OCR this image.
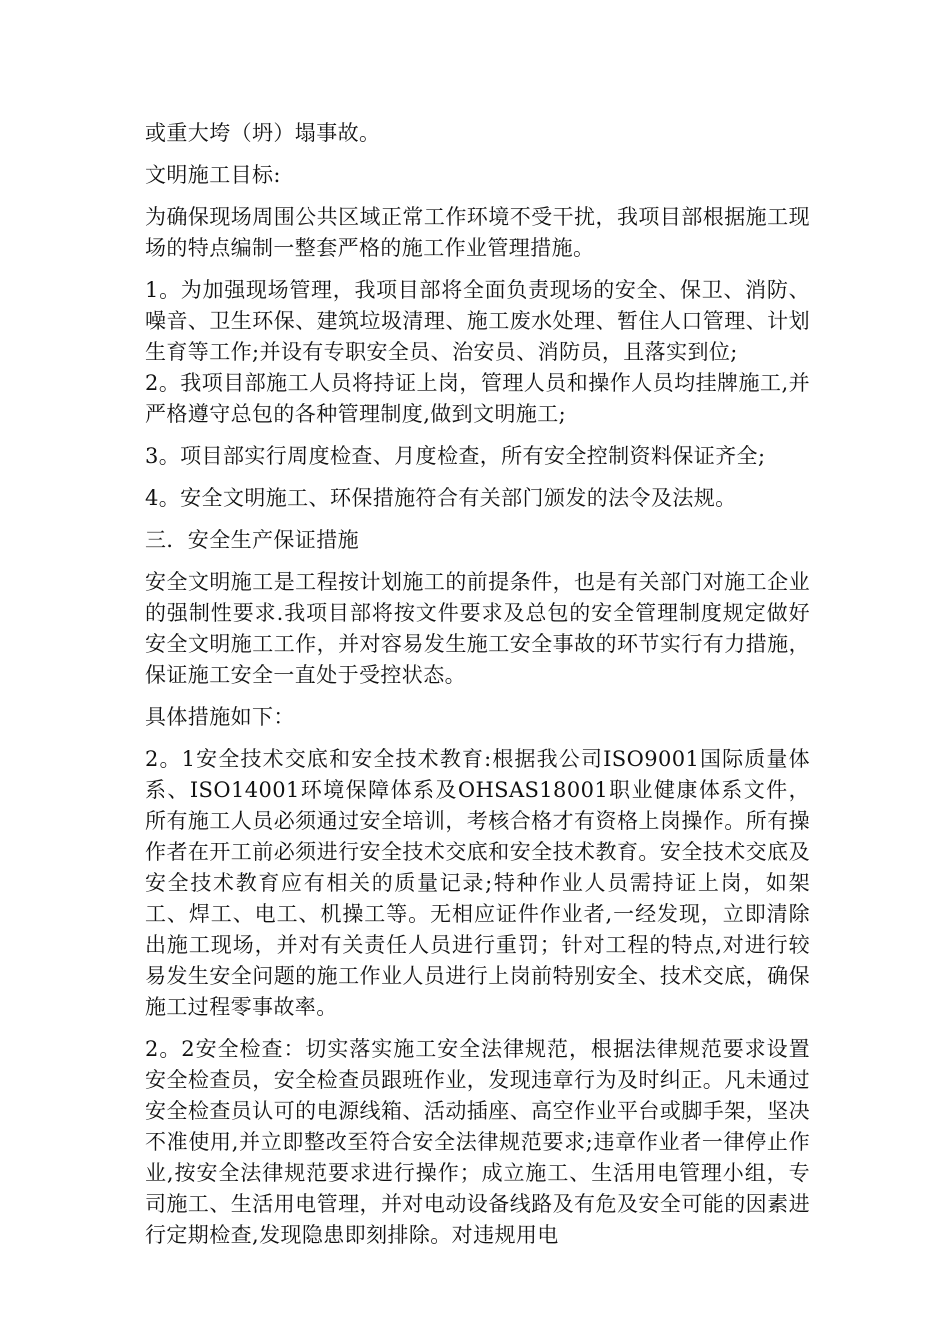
或重大垮（坍）塌事故。

文明施工目标:

为确保现场周围公共区域正常工作环境不受干扰，我项目部根据施工现场的特点编制一整套严格的施工作业管理措施。

1。为加强现场管理，我项目部将全面负责现场的安全、保卫、消防、噪音、卫生环保、建筑垃圾清理、施工废水处理、暂住人口管理、计划生育等工作;并设有专职安全员、治安员、消防员，且落实到位;

2。我项目部施工人员将持证上岗，管理人员和操作人员均挂牌施工,并严格遵守总包的各种管理制度,做到文明施工;

3。项目部实行周度检查、月度检查，所有安全控制资料保证齐全;

4。安全文明施工、环保措施符合有关部门颁发的法令及法规。

三．安全生产保证措施

安全文明施工是工程按计划施工的前提条件，也是有关部门对施工企业的强制性要求.我项目部将按文件要求及总包的安全管理制度规定做好安全文明施工工作，并对容易发生施工安全事故的环节实行有力措施，保证施工安全一直处于受控状态。

具体措施如下：

2。1安全技术交底和安全技术教育:根据我公司ISO9001国际质量体系、ISO14001环境保障体系及OHSAS18001职业健康体系文件，所有施工人员必须通过安全培训，考核合格才有资格上岗操作。所有操作者在开工前必须进行安全技术交底和安全技术教育。安全技术交底及安全技术教育应有相关的质量记录;特种作业人员需持证上岗，如架工、焊工、电工、机操工等。无相应证件作业者,一经发现，立即清除出施工现场，并对有关责任人员进行重罚；针对工程的特点,对进行较易发生安全问题的施工作业人员进行上岗前特别安全、技术交底，确保施工过程零事故率。

2。2安全检查：切实落实施工安全法律规范，根据法律规范要求设置安全检查员，安全检查员跟班作业，发现违章行为及时纠正。凡未通过安全检查员认可的电源线箱、活动插座、高空作业平台或脚手架，坚决不准使用,并立即整改至符合安全法律规范要求;违章作业者一律停止作业,按安全法律规范要求进行操作；成立施工、生活用电管理小组，专司施工、生活用电管理，并对电动设备线路及有危及安全可能的因素进行定期检查,发现隐患即刻排除。对违规用电
